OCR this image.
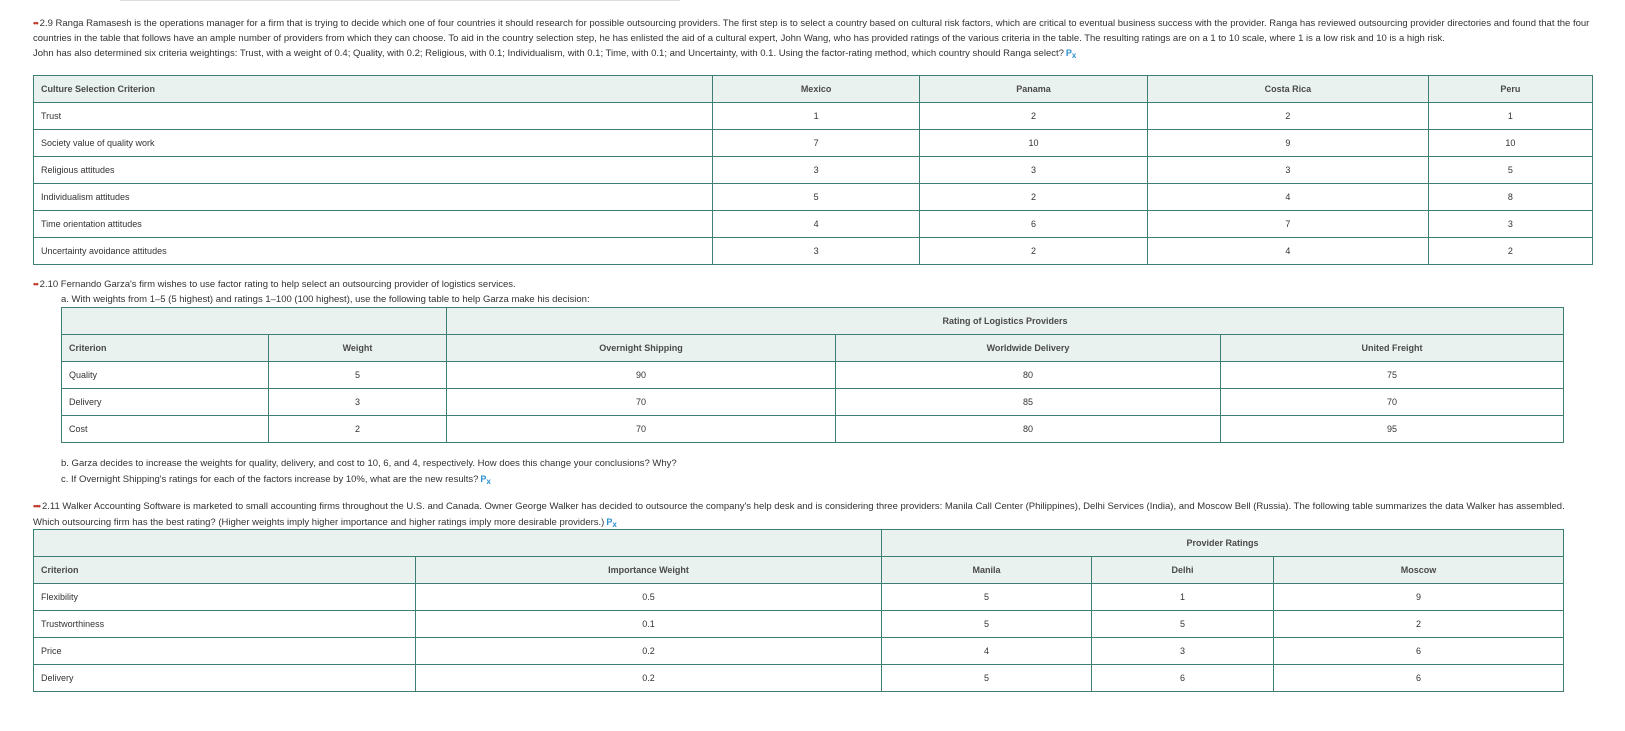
•• 2.9 Ranga Ramasesh is the operations manager for a firm that is trying to decide which one of four countries it should research for possible outsourcing providers. The first step is to select a country based on cultural risk factors, which are critical to eventual business success with the provider. Ranga has reviewed outsourcing provider directories and found that the four countries in the table that follows have an ample number of providers from which they can choose. To aid in the country selection step, he has enlisted the aid of a cultural expert, John Wang, who has provided ratings of the various criteria in the table. The resulting ratings are on a 1 to 10 scale, where 1 is a low risk and 10 is a high risk.

John has also determined six criteria weightings: Trust, with a weight of 0.4; Quality, with 0.2; Religious, with 0.1; Individualism, with 0.1; Time, with 0.1; and Uncertainty, with 0.1. Using the factor-rating method, which country should Ranga select? P x

Culture Selection Criterion	Mexico	Panama	Costa Rica	Peru
Trust	1	2	2	1
Society value of quality work	7	10	9	10
Religious attitudes	3	3	3	5
Individualism attitudes	5	2	4	8
Time orientation attitudes	4	6	7	3
Uncertainty avoidance attitudes	3	2	4	2

•• 2.10 Fernando Garza's firm wishes to use factor rating to help select an outsourcing provider of logistics services.

a. With weights from 1–5 (5 highest) and ratings 1–100 (100 highest), use the following table to help Garza make his decision:

		Rating of Logistics Providers		
Criterion	Weight	Overnight Shipping	Worldwide Delivery	United Freight
Quality	5	90	80	75
Delivery	3	70	85	70
Cost	2	70	80	95

b. Garza decides to increase the weights for quality, delivery, and cost to 10, 6, and 4, respectively. How does this change your conclusions? Why?

c. If Overnight Shipping's ratings for each of the factors increase by 10%, what are the new results? P x

••• 2.11 Walker Accounting Software is marketed to small accounting firms throughout the U.S. and Canada. Owner George Walker has decided to outsource the company's help desk and is considering three providers: Manila Call Center (Philippines), Delhi Services (India), and Moscow Bell (Russia). The following table summarizes the data Walker has assembled. Which outsourcing firm has the best rating? (Higher weights imply higher importance and higher ratings imply more desirable providers.) P x

		Provider Ratings		
Criterion	Importance Weight	Manila	Delhi	Moscow
Flexibility	0.5	5	1	9
Trustworthiness	0.1	5	5	2
Price	0.2	4	3	6
Delivery	0.2	5	6	6
